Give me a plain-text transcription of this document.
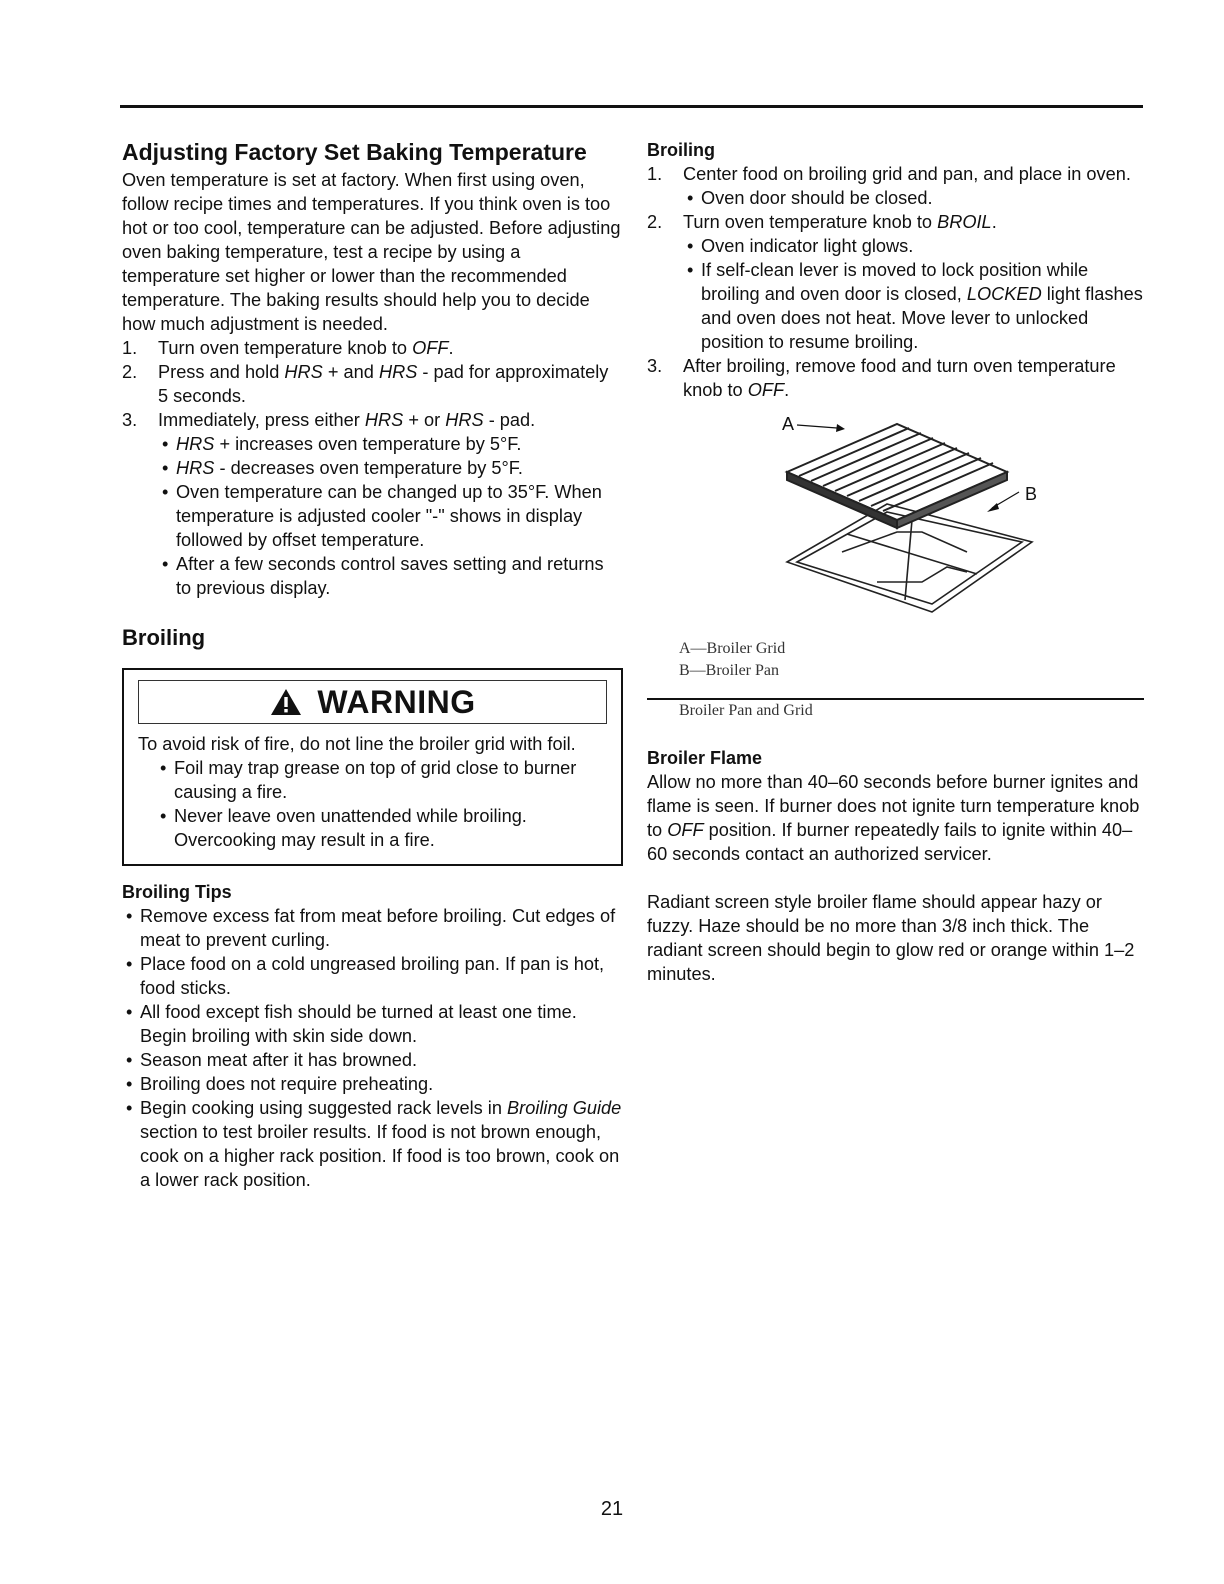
Adjusting Factory Set Baking Temperature

Oven temperature is set at factory. When first using oven, follow recipe times and temperatures. If you think oven is too hot or too cool, temperature can be adjusted. Before adjusting oven baking temperature, test a recipe by using a temperature set higher or lower than the recommended temperature. The baking results should help you to decide how much adjustment is needed.

1. Turn oven temperature knob to OFF.
2. Press and hold HRS + and HRS - pad for approximately 5 seconds.
3. Immediately, press either HRS + or HRS - pad.
• HRS + increases oven temperature by 5°F.
• HRS - decreases oven temperature by 5°F.
• Oven temperature can be changed up to 35°F. When temperature is adjusted cooler "-" shows in display followed by offset temperature.
• After a few seconds control saves setting and returns to previous display.
Broiling
WARNING

To avoid risk of fire, do not line the broiler grid with foil.

• Foil may trap grease on top of grid close to burner causing a fire.
• Never leave oven unattended while broiling. Overcooking may result in a fire.
Broiling Tips
• Remove excess fat from meat before broiling. Cut edges of meat to prevent curling.
• Place food on a cold ungreased broiling pan. If pan is hot, food sticks.
• All food except fish should be turned at least one time. Begin broiling with skin side down.
• Season meat after it has browned.
• Broiling does not require preheating.
• Begin cooking using suggested rack levels in Broiling Guide section to test broiler results. If food is not brown enough, cook on a higher rack position. If food is too brown, cook on a lower rack position.
Broiling
1. Center food on broiling grid and pan, and place in oven.
• Oven door should be closed.
2. Turn oven temperature knob to BROIL.
• Oven indicator light glows.
• If self-clean lever is moved to lock position while broiling and oven door is closed, LOCKED light flashes and oven does not heat. Move lever to unlocked position to resume broiling.
3. After broiling, remove food and turn oven temperature knob to OFF.
A
B
A—Broiler Grid
B—Broiler Pan
Broiler Pan and Grid
Broiler Flame

Allow no more than 40–60 seconds before burner ignites and flame is seen. If burner does not ignite turn temperature knob to OFF position. If burner repeatedly fails to ignite within 40–60 seconds contact an authorized servicer.

Radiant screen style broiler flame should appear hazy or fuzzy. Haze should be no more than 3/8 inch thick. The radiant screen should begin to glow red or orange within 1–2 minutes.

21
